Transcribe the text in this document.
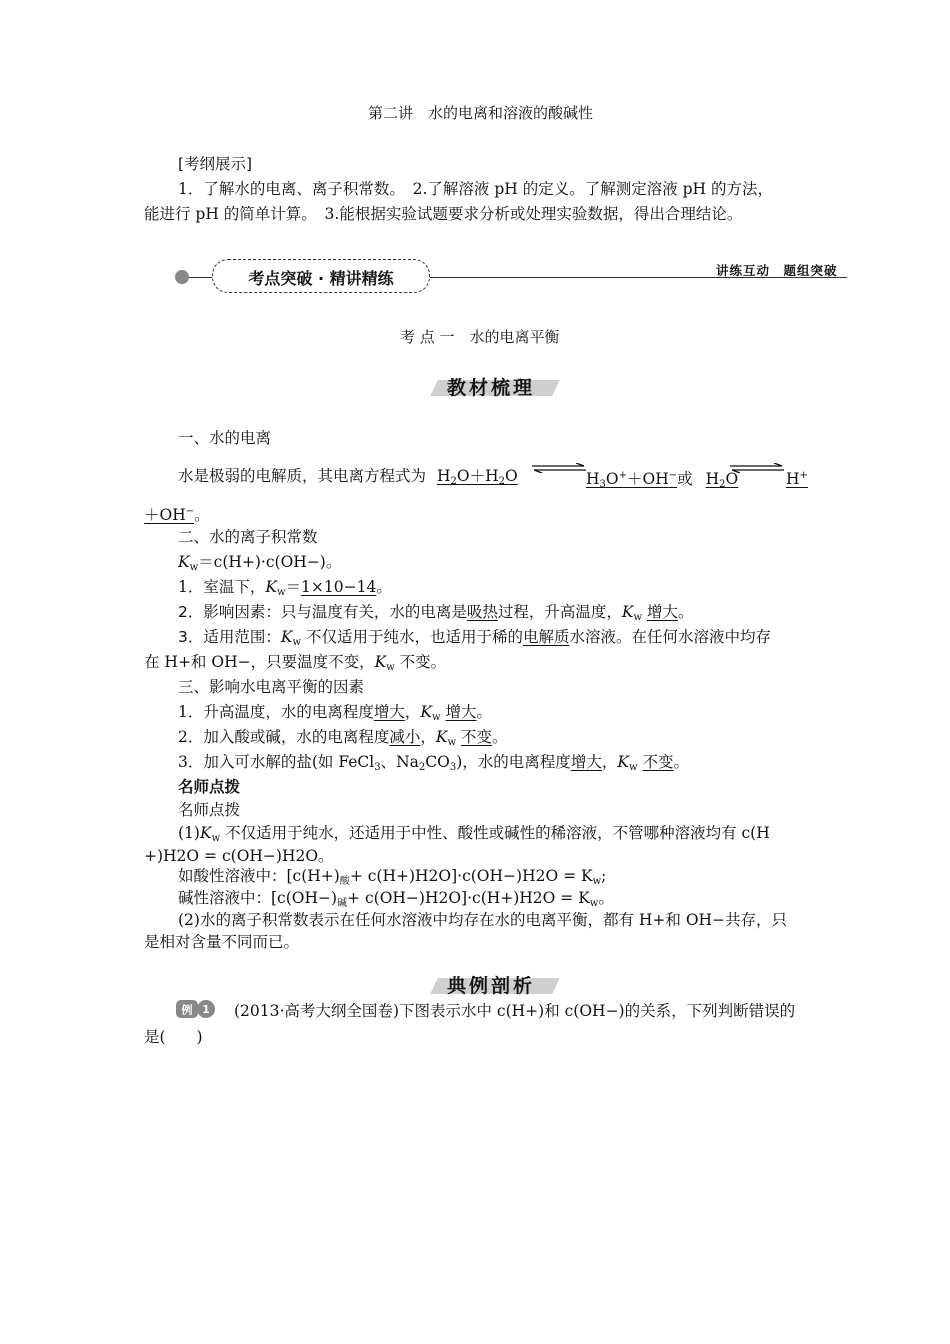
第二讲　水的电离和溶液的酸碱性
[考纲展示]
1．了解水的电离、离子积常数。　2.了解溶液 pH 的定义。了解测定溶液 pH 的方法，
能进行 pH 的简单计算。　3.能根据实验试题要求分析或处理实验数据，得出合理结论。
考点突破 · 精讲精练	讲练互动　题组突破
考 点 一　水的电离平衡
教材梳理
一、水的电离
水是极弱的电解质，其电离方程式为 $H_2O+H_2O$ ⇌
$H_3O^++OH^-$或 $H_2O$	H+
＋OH−。
二、水的离子积常数
$K_w=c(H+)\cdot c(OH-)$。
1．室温下，$K_w=1\times 10-14$。
2．影响因素：只与温度有关，水的电离是吸热过程，升高温度，$K_w$ 增大。
3．适用范围：$K_w$ 不仅适用于纯水，也适用于稀的电解质水溶液。在任何水溶液中均存
在 H+和 OH−，只要温度不变，$K_w$ 不变。
三、影响水电离平衡的因素
1．升高温度，水的电离程度增大，$K_w$ 增大。
2．加入酸或碱，水的电离程度减小，$K_w$ 不变。
3．加入可水解的盐(如 FeCl$_3$、$Na_2CO_3$)，水的电离程度增大，$K_w$ 不变。
名师点拨
名师点拨
$(1)K_w$ 不仅适用于纯水，还适用于中性、酸性或碱性的稀溶液，不管哪种溶液均有 c(H
+)H2O = c(OH−)H2O。
如酸性溶液中：$[c(H+)_酸+ c(H+)H2O]\cdot c(OH-)H2O = K_w$;
碱性溶液中：$[c(OH-)_碱+ c(OH-)H2O]\cdot c(H+)H2O = K_w$。
(2)水的离子积常数表示在任何水溶液中均存在水的电离平衡，都有 H+和 OH−共存，只
是相对含量不同而已。
典例剖析
例 1 (2013·高考大纲全国卷)下图表示水中 c(H+)和 c(OH−)的关系，下列判断错误的
是(　　)
